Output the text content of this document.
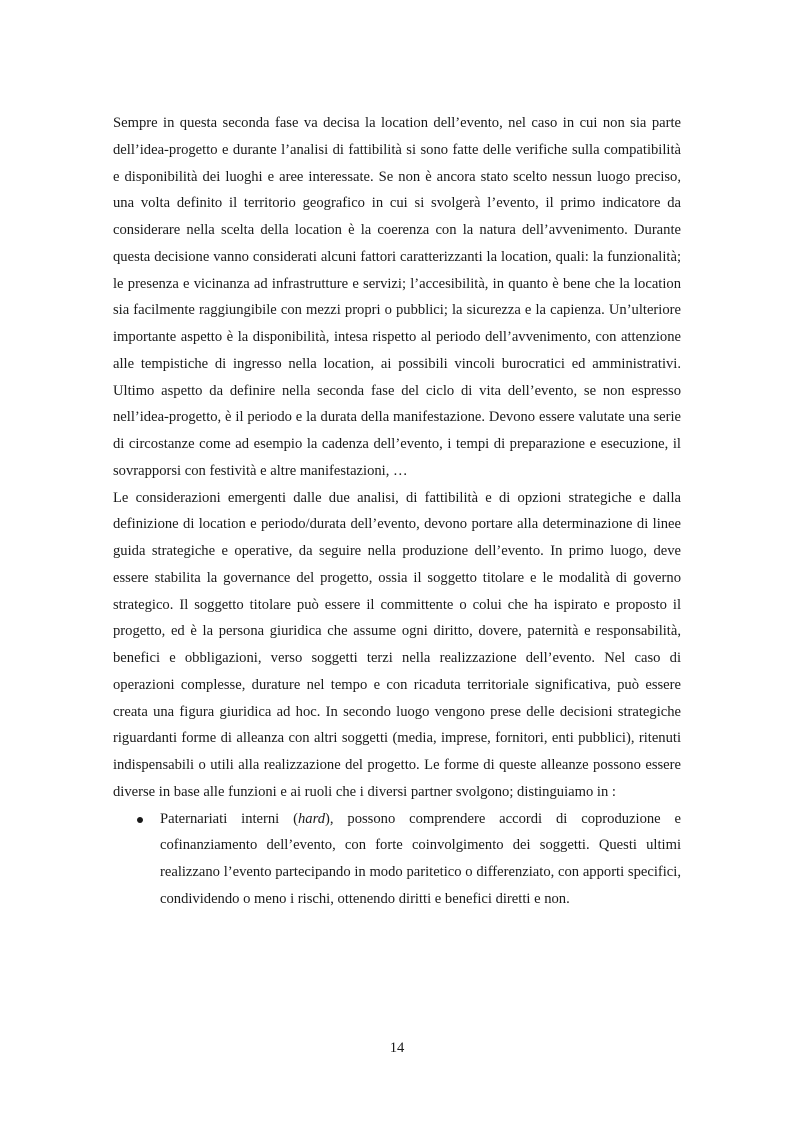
Sempre in questa seconda fase va decisa la location dell’evento, nel caso in cui non sia parte dell’idea-progetto e durante l’analisi di fattibilità si sono fatte delle verifiche sulla compatibilità e disponibilità dei luoghi e aree interessate. Se non è ancora stato scelto nessun luogo preciso, una volta definito il territorio geografico in cui si svolgerà l’evento, il primo indicatore da considerare nella scelta della location è la coerenza con la natura dell’avvenimento. Durante questa decisione vanno considerati alcuni fattori caratterizzanti la location, quali: la funzionalità; le presenza e vicinanza ad infrastrutture e servizi; l’accesibilità, in quanto è bene che la location sia facilmente raggiungibile con mezzi propri o pubblici; la sicurezza e la capienza. Un’ulteriore importante aspetto è la disponibilità, intesa rispetto al periodo dell’avvenimento, con attenzione alle tempistiche di ingresso nella location, ai possibili vincoli burocratici ed amministrativi. Ultimo aspetto da definire nella seconda fase del ciclo di vita dell’evento, se non espresso nell’idea-progetto, è il periodo e la durata della manifestazione. Devono essere valutate una serie di circostanze come ad esempio la cadenza dell’evento, i tempi di preparazione e esecuzione, il sovrapporsi con festività e altre manifestazioni, …

Le considerazioni emergenti dalle due analisi, di fattibilità e di opzioni strategiche e dalla definizione di location e periodo/durata dell’evento, devono portare alla determinazione di linee guida strategiche e operative, da seguire nella produzione dell’evento. In primo luogo, deve essere stabilita la governance del progetto, ossia il soggetto titolare e le modalità di governo strategico. Il soggetto titolare può essere il committente o colui che ha ispirato e proposto il progetto, ed è la persona giuridica che assume ogni diritto, dovere, paternità e responsabilità, benefici e obbligazioni, verso soggetti terzi nella realizzazione dell’evento. Nel caso di operazioni complesse, durature nel tempo e con ricaduta territoriale significativa, può essere creata una figura giuridica ad hoc. In secondo luogo vengono prese delle decisioni strategiche riguardanti forme di alleanza con altri soggetti (media, imprese, fornitori, enti pubblici), ritenuti indispensabili o utili alla realizzazione del progetto. Le forme di queste alleanze possono essere diverse in base alle funzioni e ai ruoli che i diversi partner svolgono; distinguiamo in :

Paternariati interni (hard), possono comprendere accordi di coproduzione e cofinanziamento dell’evento, con forte coinvolgimento dei soggetti. Questi ultimi realizzano l’evento partecipando in modo paritetico o differenziato, con apporti specifici, condividendo o meno i rischi, ottenendo diritti e benefici diretti e non.
14
